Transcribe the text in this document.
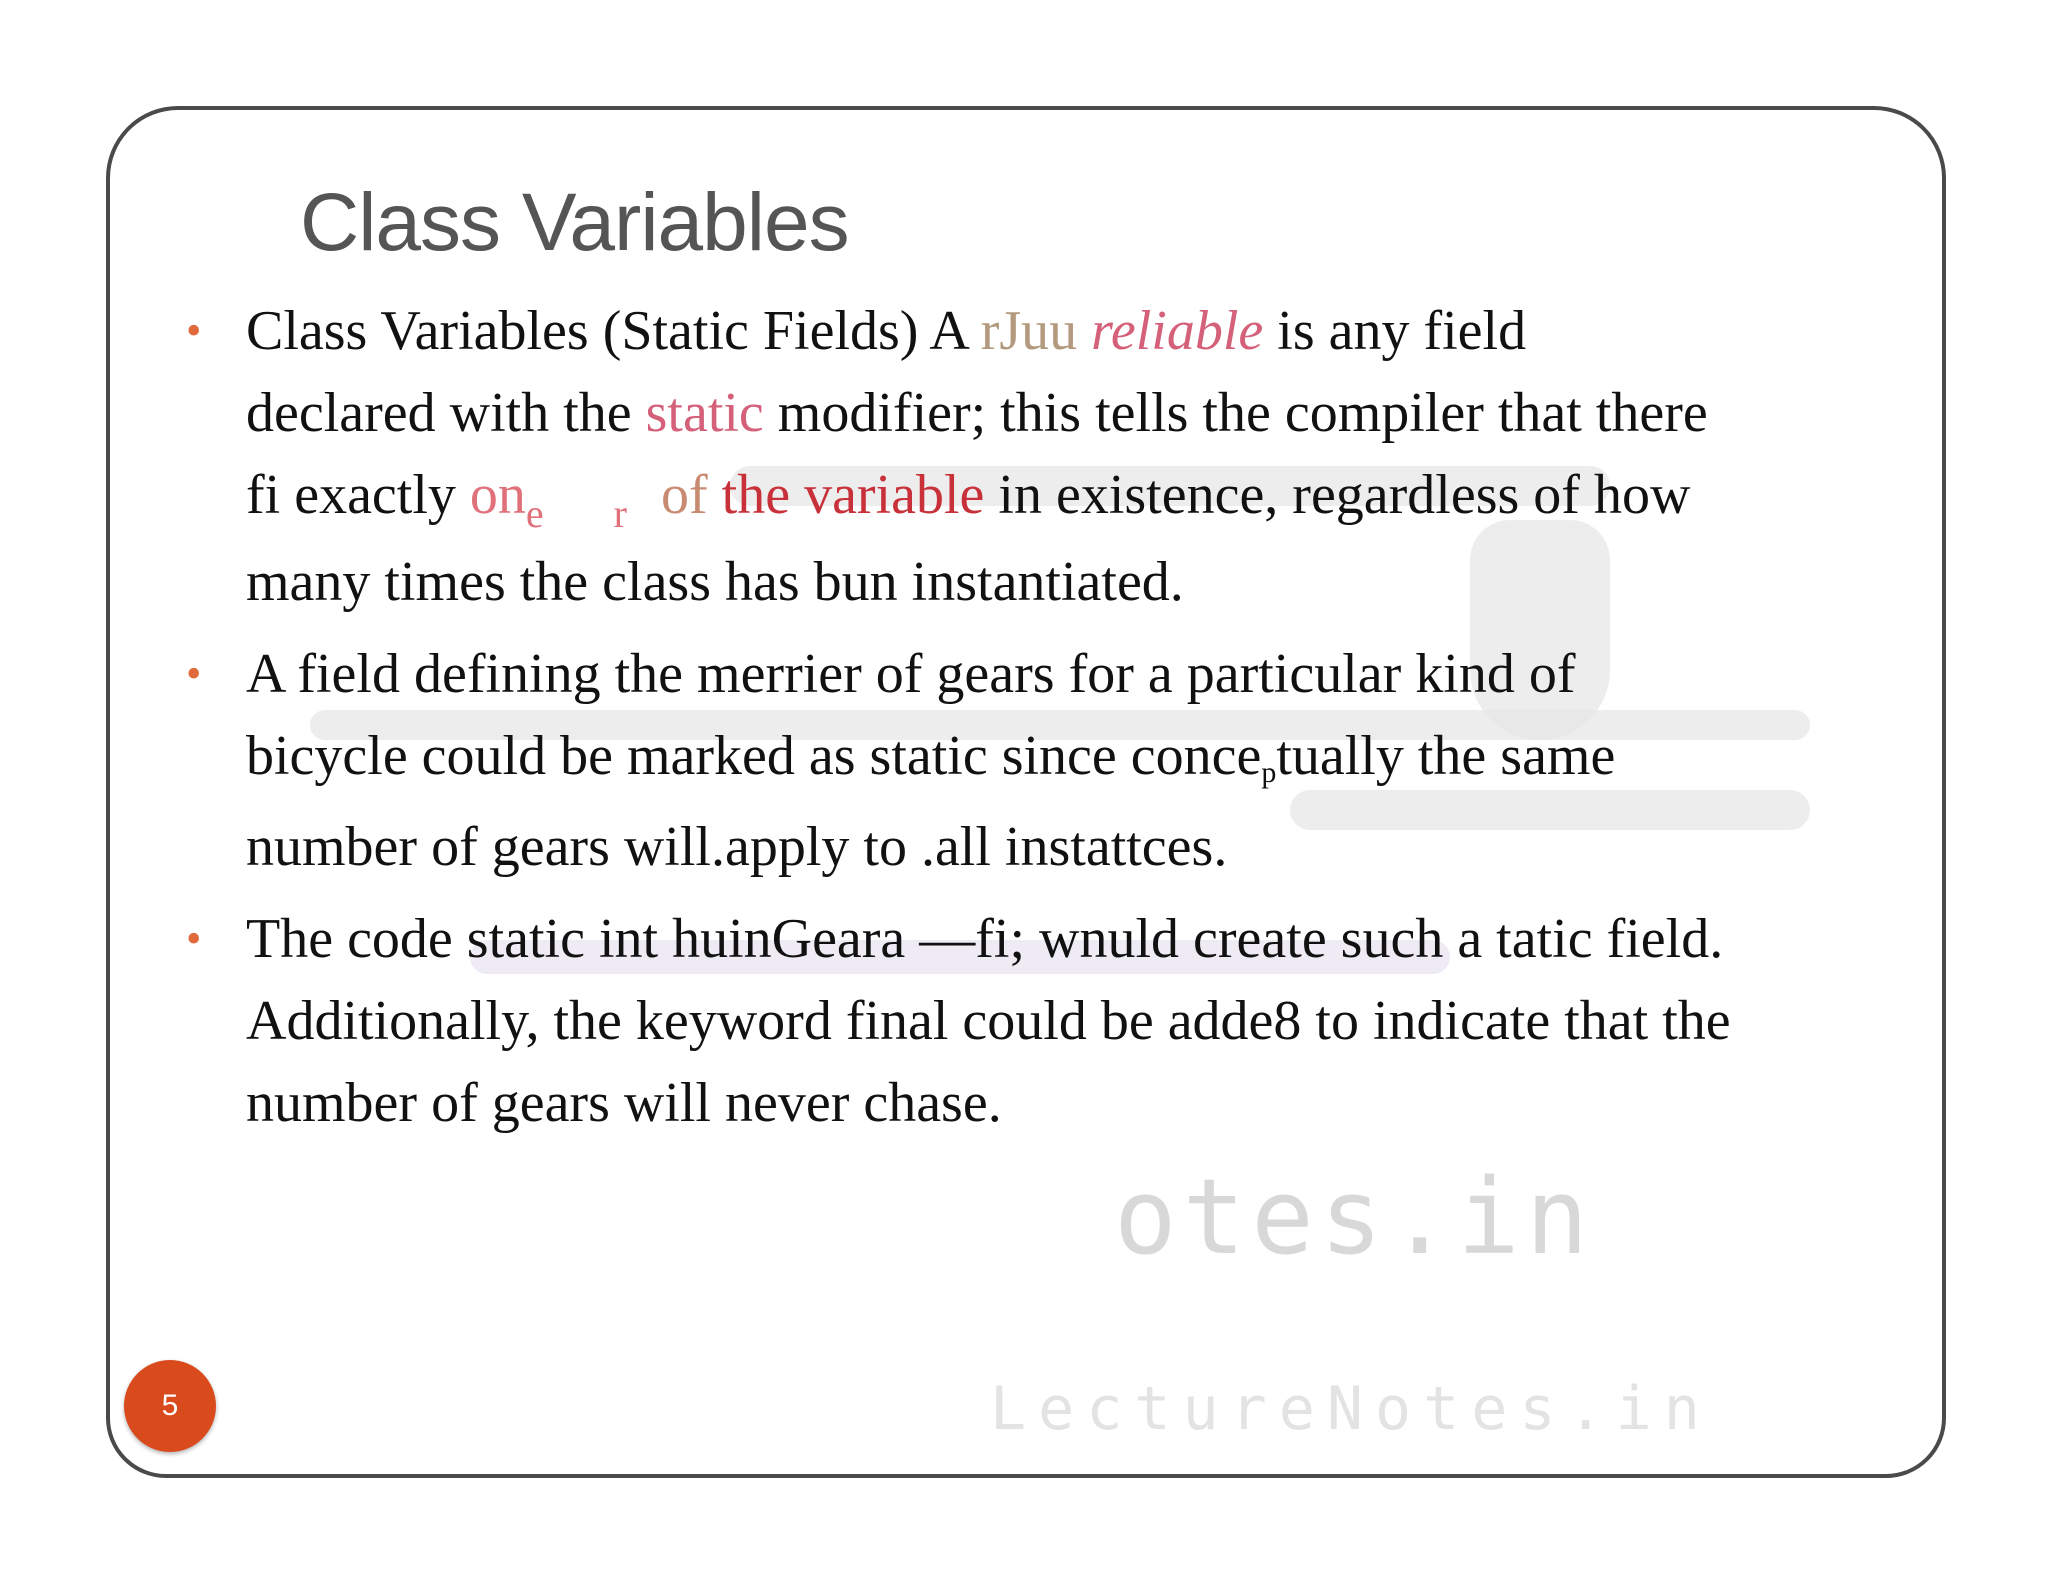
otes.in
LectureNotes.in
Class Variables
• Class Variables (Static Fields) A rJuu reliable is any field
declared with the static modifier; this tells the compiler that there
fi exactly $on_e$ $_r$ of the variable in existence, regardless of how
many times the class has bun instantiated.
• A field defining the merrier of gears for a particular kind of
bicycle could be marked as static since conceptually the same
number of gears will.apply to .all instattces.
• The code static int huinGeara —fi; wnuld create such a tatic field.
Additionally, the keyword final could be adde8 to indicate that the
number of gears will never chase.
5
